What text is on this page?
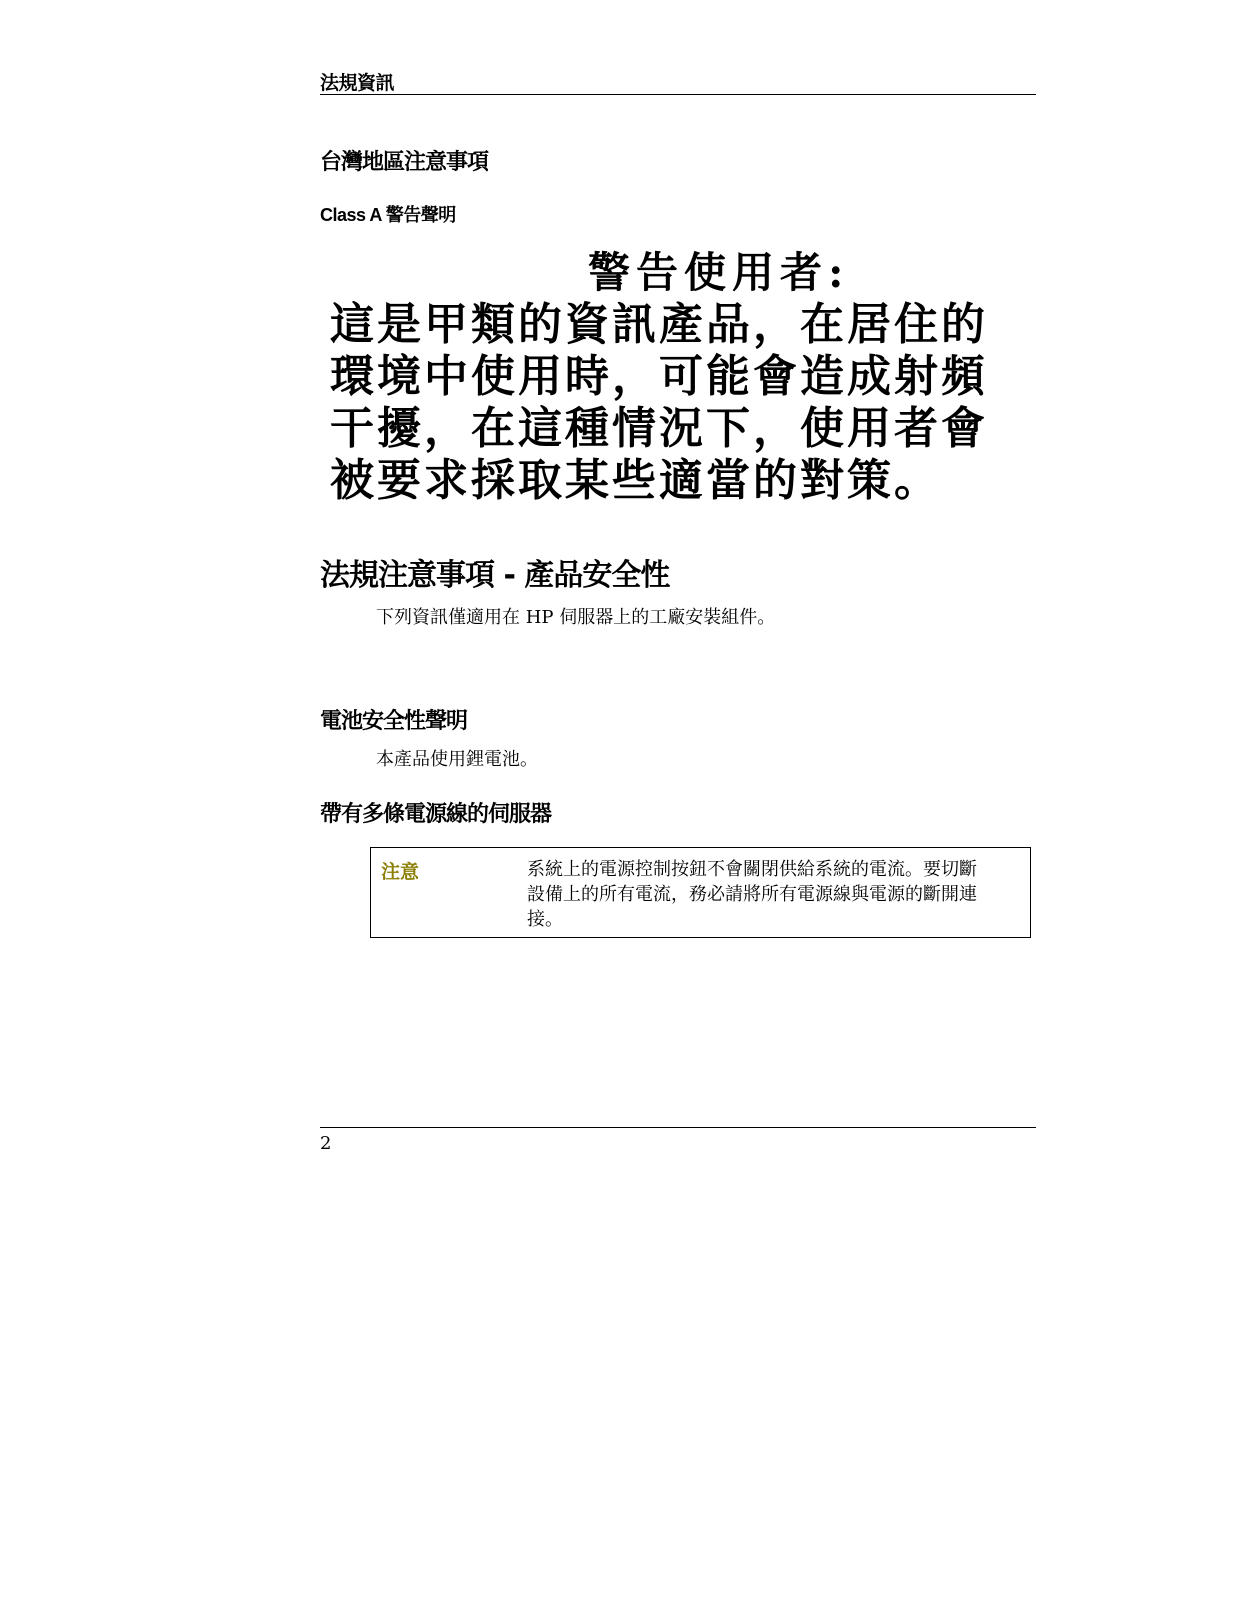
法規資訊
台灣地區注意事項
Class A 警告聲明
警告使用者:
這是甲類的資訊產品，在居住的
環境中使用時，可能會造成射頻
干擾，在這種情況下，使用者會
被要求採取某些適當的對策。
法規注意事項 - 產品安全性
下列資訊僅適用在 HP 伺服器上的工廠安裝組件。
電池安全性聲明
本產品使用鋰電池。
帶有多條電源線的伺服器
注意	系統上的電源控制按鈕不會關閉供給系統的電流。要切斷
設備上的所有電流，務必請將所有電源線與電源的斷開連
接。
2
